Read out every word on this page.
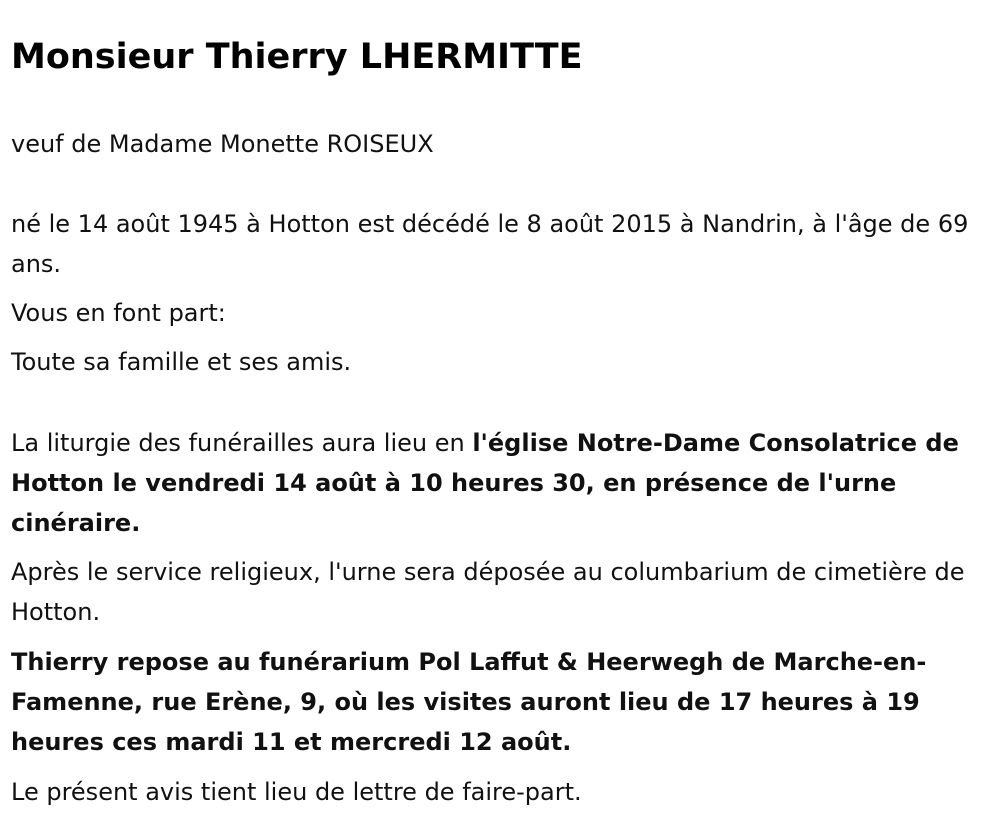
Monsieur Thierry LHERMITTE

veuf de Madame Monette ROISEUX

né le 14 août 1945 à Hotton est décédé le 8 août 2015 à Nandrin, à l'âge de 69 ans.

Vous en font part:

Toute sa famille et ses amis.

La liturgie des funérailles aura lieu en l'église Notre-Dame Consolatrice de Hotton le vendredi 14 août à 10 heures 30, en présence de l'urne cinéraire.

Après le service religieux, l'urne sera déposée au columbarium de cimetière de Hotton.

Thierry repose au funérarium Pol Laffut & Heerwegh de Marche-en-Famenne, rue Erène, 9, où les visites auront lieu de 17 heures à 19 heures ces mardi 11 et mercredi 12 août.

Le présent avis tient lieu de lettre de faire-part.
